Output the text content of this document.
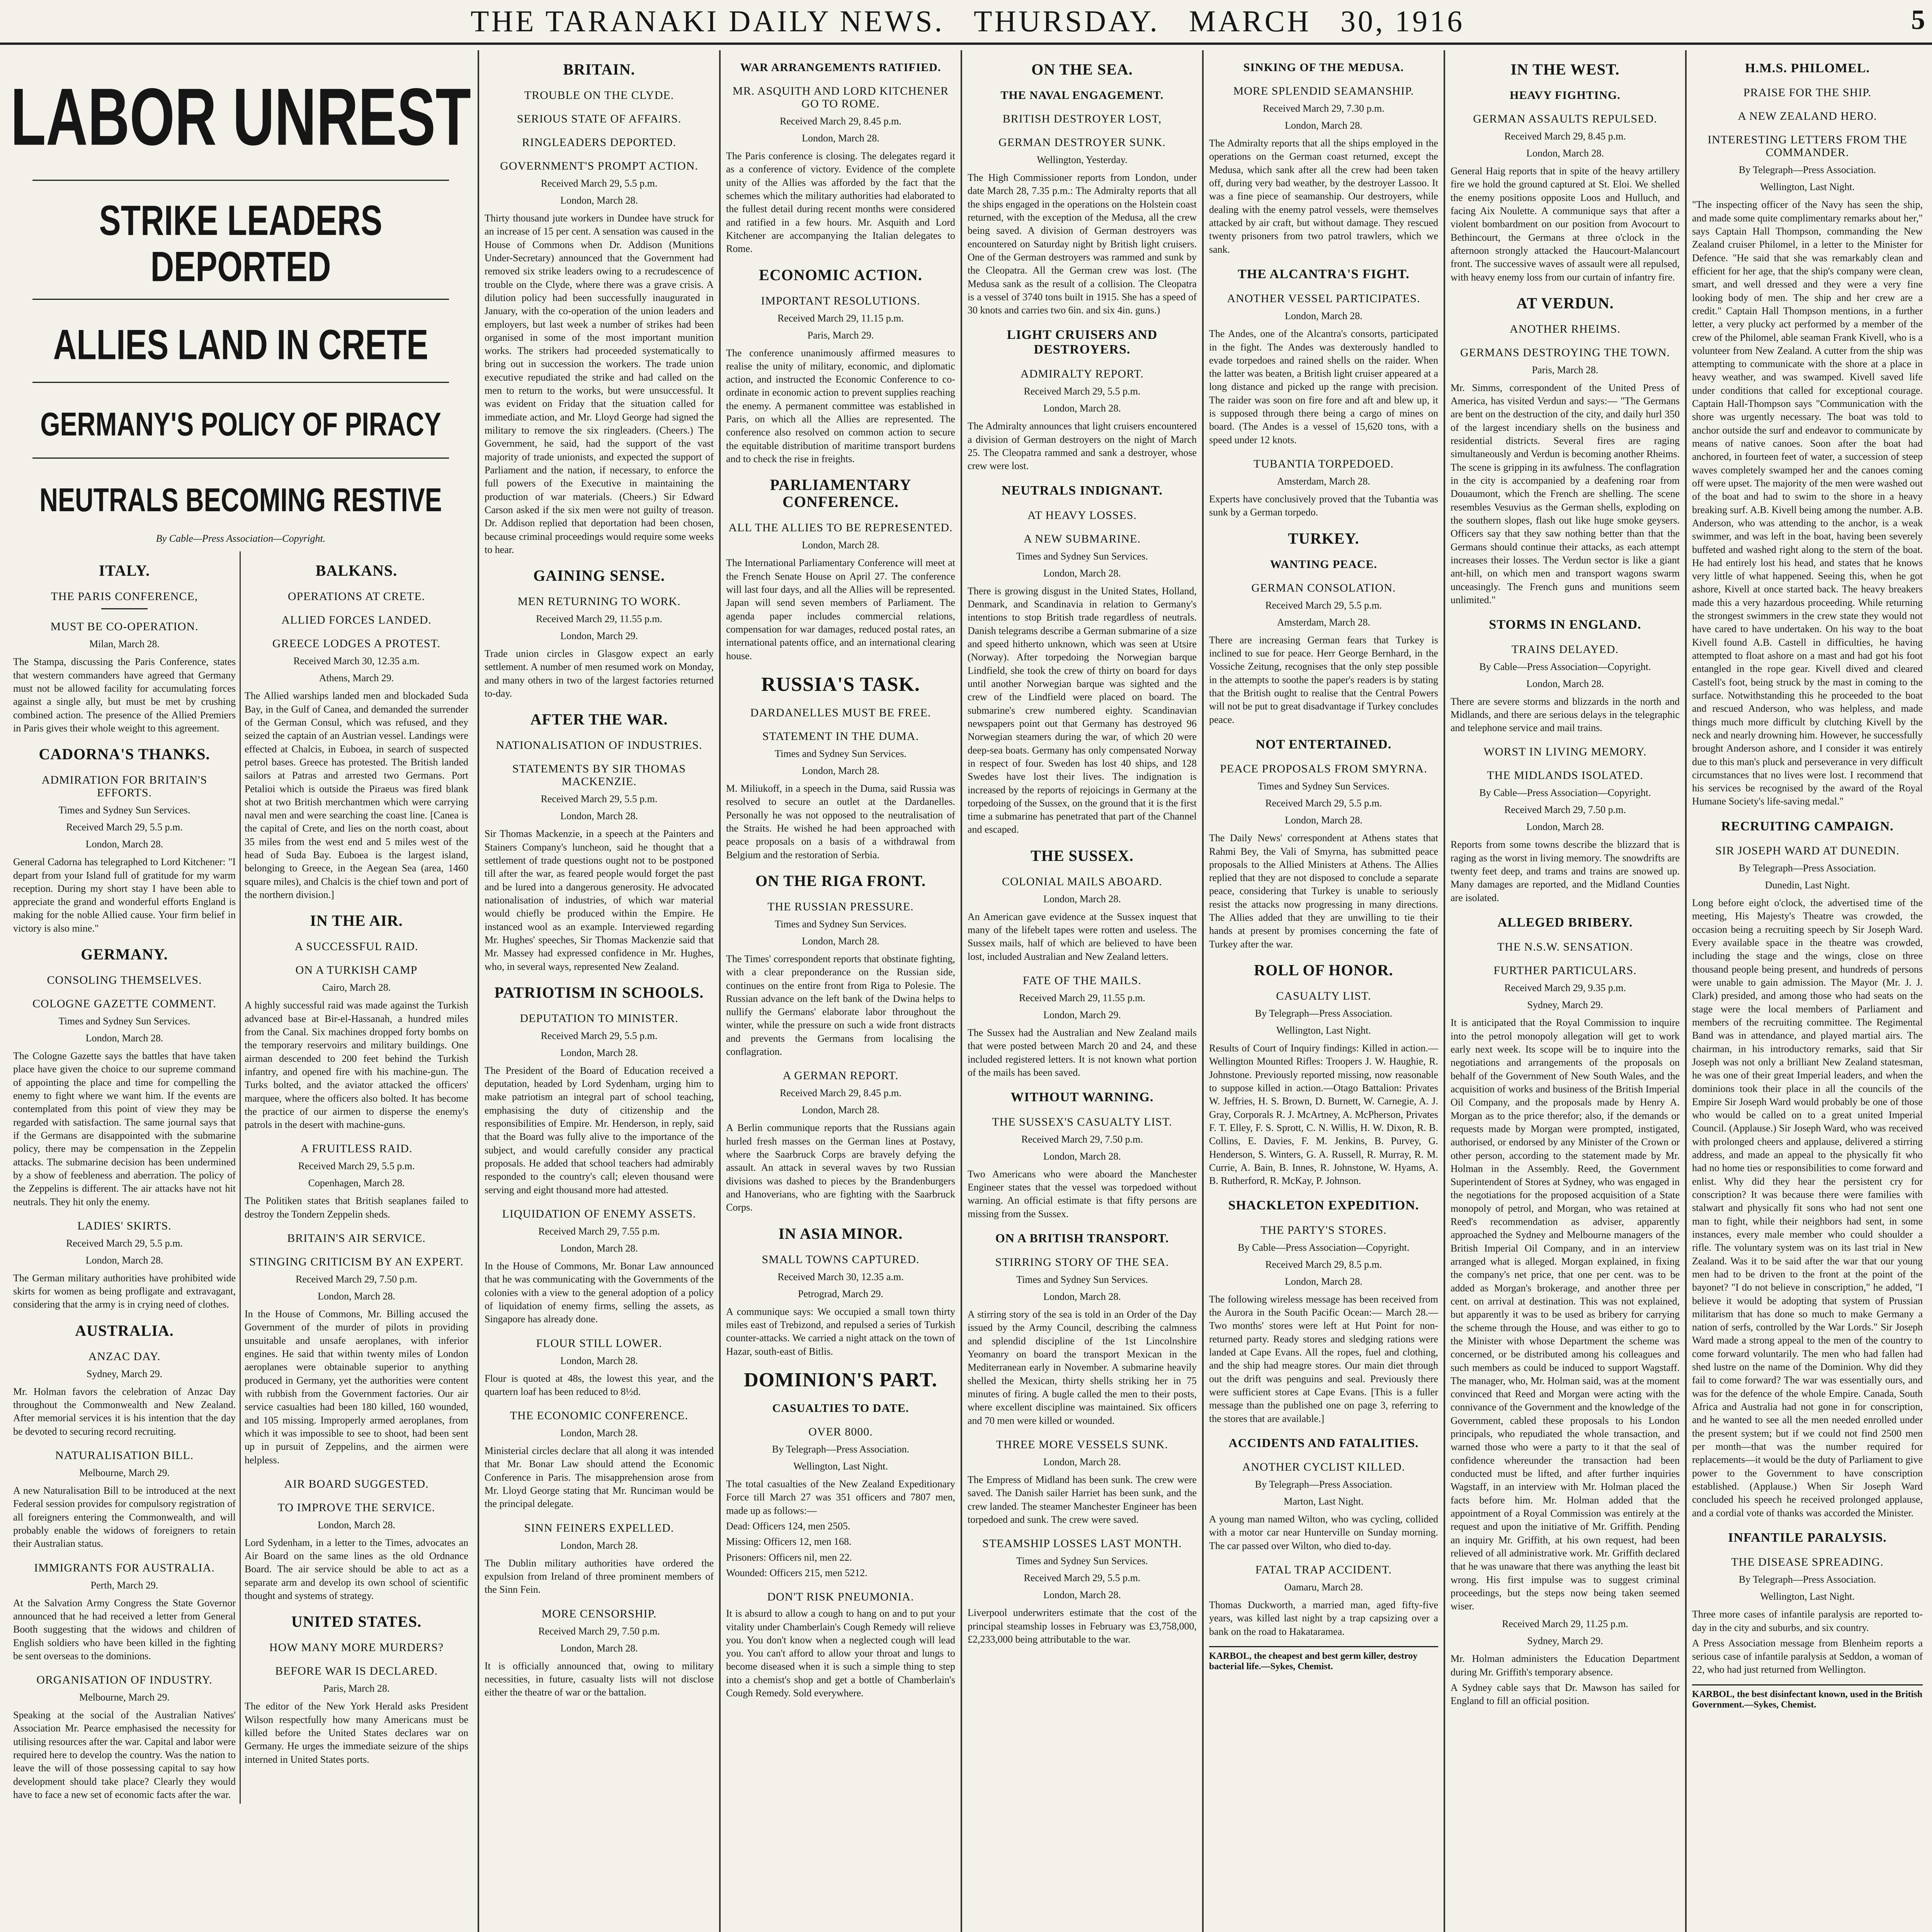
THE TARANAKI DAILY NEWS. THURSDAY. MARCH 30, 1916	5
LABOR UNREST
STRIKE LEADERS DEPORTED
ALLIES LAND IN CRETE
GERMANY'S POLICY OF PIRACY
NEUTRALS BECOMING RESTIVE
By Cable—Press Association—Copyright.
ITALY.
THE PARIS CONFERENCE,
MUST BE CO-OPERATION.
Milan, March 28.

The Stampa, discussing the Paris Conference, states that western commanders have agreed that Germany must not be allowed facility for accumulating forces against a single ally, but must be met by crushing combined action. The presence of the Allied Premiers in Paris gives their whole weight to this agreement.

CADORNA'S THANKS.
ADMIRATION FOR BRITAIN'S EFFORTS.
Times and Sydney Sun Services.
Received March 29, 5.5 p.m.
London, March 28.

General Cadorna has telegraphed to Lord Kitchener: "I depart from your Island full of gratitude for my warm reception. During my short stay I have been able to appreciate the grand and wonderful efforts England is making for the noble Allied cause. Your firm belief in victory is also mine."

GERMANY.
CONSOLING THEMSELVES.
COLOGNE GAZETTE COMMENT.
Times and Sydney Sun Services.
London, March 28.

The Cologne Gazette says the battles that have taken place have given the choice to our supreme command of appointing the place and time for compelling the enemy to fight where we want him. If the events are contemplated from this point of view they may be regarded with satisfaction. The same journal says that if the Germans are disappointed with the submarine policy, there may be compensation in the Zeppelin attacks. The submarine decision has been undermined by a show of feebleness and aberration. The policy of the Zeppelins is different. The air attacks have not hit neutrals. They hit only the enemy.

LADIES' SKIRTS.
Received March 29, 5.5 p.m.
London, March 28.

The German military authorities have prohibited wide skirts for women as being profligate and extravagant, considering that the army is in crying need of clothes.

AUSTRALIA.
ANZAC DAY.
Sydney, March 29.

Mr. Holman favors the celebration of Anzac Day throughout the Commonwealth and New Zealand. After memorial services it is his intention that the day be devoted to securing record recruiting.

NATURALISATION BILL.
Melbourne, March 29.

A new Naturalisation Bill to be introduced at the next Federal session provides for compulsory registration of all foreigners entering the Commonwealth, and will probably enable the widows of foreigners to retain their Australian status.

IMMIGRANTS FOR AUSTRALIA.
Perth, March 29.

At the Salvation Army Congress the State Governor announced that he had received a letter from General Booth suggesting that the widows and children of English soldiers who have been killed in the fighting be sent overseas to the dominions.

ORGANISATION OF INDUSTRY.
Melbourne, March 29.

Speaking at the social of the Australian Natives' Association Mr. Pearce emphasised the necessity for utilising resources after the war. Capital and labor were required here to develop the country. Was the nation to leave the will of those possessing capital to say how development should take place? Clearly they would have to face a new set of economic facts after the war.

BALKANS.
OPERATIONS AT CRETE.
ALLIED FORCES LANDED.
GREECE LODGES A PROTEST.
Received March 30, 12.35 a.m.
Athens, March 29.

The Allied warships landed men and blockaded Suda Bay, in the Gulf of Canea, and demanded the surrender of the German Consul, which was refused, and they seized the captain of an Austrian vessel. Landings were effected at Chalcis, in Euboea, in search of suspected petrol bases. Greece has protested. The British landed sailors at Patras and arrested two Germans. Port Petalioi which is outside the Piraeus was fired blank shot at two British merchantmen which were carrying naval men and were searching the coast line. [Canea is the capital of Crete, and lies on the north coast, about 35 miles from the west end and 5 miles west of the head of Suda Bay. Euboea is the largest island, belonging to Greece, in the Aegean Sea (area, 1460 square miles), and Chalcis is the chief town and port of the northern division.]

IN THE AIR.
A SUCCESSFUL RAID.
ON A TURKISH CAMP
Cairo, March 28.

A highly successful raid was made against the Turkish advanced base at Bir-el-Hassanah, a hundred miles from the Canal. Six machines dropped forty bombs on the temporary reservoirs and military buildings. One airman descended to 200 feet behind the Turkish infantry, and opened fire with his machine-gun. The Turks bolted, and the aviator attacked the officers' marquee, where the officers also bolted. It has become the practice of our airmen to disperse the enemy's patrols in the desert with machine-guns.

A FRUITLESS RAID.
Received March 29, 5.5 p.m.
Copenhagen, March 28.

The Politiken states that British seaplanes failed to destroy the Tondern Zeppelin sheds.

BRITAIN'S AIR SERVICE.
STINGING CRITICISM BY AN EXPERT.
Received March 29, 7.50 p.m.
London, March 28.

In the House of Commons, Mr. Billing accused the Government of the murder of pilots in providing unsuitable and unsafe aeroplanes, with inferior engines. He said that within twenty miles of London aeroplanes were obtainable superior to anything produced in Germany, yet the authorities were content with rubbish from the Government factories. Our air service casualties had been 180 killed, 160 wounded, and 105 missing. Improperly armed aeroplanes, from which it was impossible to see to shoot, had been sent up in pursuit of Zeppelins, and the airmen were helpless.

AIR BOARD SUGGESTED.
TO IMPROVE THE SERVICE.
London, March 28.

Lord Sydenham, in a letter to the Times, advocates an Air Board on the same lines as the old Ordnance Board. The air service should be able to act as a separate arm and develop its own school of scientific thought and systems of strategy.

UNITED STATES.
HOW MANY MORE MURDERS?
BEFORE WAR IS DECLARED.
Paris, March 28.

The editor of the New York Herald asks President Wilson respectfully how many Americans must be killed before the United States declares war on Germany. He urges the immediate seizure of the ships interned in United States ports.

BRITAIN.
TROUBLE ON THE CLYDE.
SERIOUS STATE OF AFFAIRS.
RINGLEADERS DEPORTED.
GOVERNMENT'S PROMPT ACTION.
Received March 29, 5.5 p.m.
London, March 28.

Thirty thousand jute workers in Dundee have struck for an increase of 15 per cent. A sensation was caused in the House of Commons when Dr. Addison (Munitions Under-Secretary) announced that the Government had removed six strike leaders owing to a recrudescence of trouble on the Clyde, where there was a grave crisis. A dilution policy had been successfully inaugurated in January, with the co-operation of the union leaders and employers, but last week a number of strikes had been organised in some of the most important munition works. The strikers had proceeded systematically to bring out in succession the workers. The trade union executive repudiated the strike and had called on the men to return to the works, but were unsuccessful. It was evident on Friday that the situation called for immediate action, and Mr. Lloyd George had signed the military to remove the six ringleaders. (Cheers.) The Government, he said, had the support of the vast majority of trade unionists, and expected the support of Parliament and the nation, if necessary, to enforce the full powers of the Executive in maintaining the production of war materials. (Cheers.) Sir Edward Carson asked if the six men were not guilty of treason. Dr. Addison replied that deportation had been chosen, because criminal proceedings would require some weeks to hear.

GAINING SENSE.
MEN RETURNING TO WORK.
Received March 29, 11.55 p.m.
London, March 29.

Trade union circles in Glasgow expect an early settlement. A number of men resumed work on Monday, and many others in two of the largest factories returned to-day.

AFTER THE WAR.
NATIONALISATION OF INDUSTRIES.
STATEMENTS BY SIR THOMAS MACKENZIE.
Received March 29, 5.5 p.m.
London, March 28.

Sir Thomas Mackenzie, in a speech at the Painters and Stainers Company's luncheon, said he thought that a settlement of trade questions ought not to be postponed till after the war, as feared people would forget the past and be lured into a dangerous generosity. He advocated nationalisation of industries, of which war material would chiefly be produced within the Empire. He instanced wool as an example. Interviewed regarding Mr. Hughes' speeches, Sir Thomas Mackenzie said that Mr. Massey had expressed confidence in Mr. Hughes, who, in several ways, represented New Zealand.

PATRIOTISM IN SCHOOLS.
DEPUTATION TO MINISTER.
Received March 29, 5.5 p.m.
London, March 28.

The President of the Board of Education received a deputation, headed by Lord Sydenham, urging him to make patriotism an integral part of school teaching, emphasising the duty of citizenship and the responsibilities of Empire. Mr. Henderson, in reply, said that the Board was fully alive to the importance of the subject, and would carefully consider any practical proposals. He added that school teachers had admirably responded to the country's call; eleven thousand were serving and eight thousand more had attested.

LIQUIDATION OF ENEMY ASSETS.
Received March 29, 7.55 p.m.
London, March 28.

In the House of Commons, Mr. Bonar Law announced that he was communicating with the Governments of the colonies with a view to the general adoption of a policy of liquidation of enemy firms, selling the assets, as Singapore has already done.

FLOUR STILL LOWER.
London, March 28.

Flour is quoted at 48s, the lowest this year, and the quartern loaf has been reduced to 8½d.

THE ECONOMIC CONFERENCE.
London, March 28.

Ministerial circles declare that all along it was intended that Mr. Bonar Law should attend the Economic Conference in Paris. The misapprehension arose from Mr. Lloyd George stating that Mr. Runciman would be the principal delegate.

SINN FEINERS EXPELLED.
London, March 28.

The Dublin military authorities have ordered the expulsion from Ireland of three prominent members of the Sinn Fein.

MORE CENSORSHIP.
Received March 29, 7.50 p.m.
London, March 28.

It is officially announced that, owing to military necessities, in future, casualty lists will not disclose either the theatre of war or the battalion.

WAR ARRANGEMENTS RATIFIED.
MR. ASQUITH AND LORD KITCHENER GO TO ROME.
Received March 29, 8.45 p.m.
London, March 28.

The Paris conference is closing. The delegates regard it as a conference of victory. Evidence of the complete unity of the Allies was afforded by the fact that the schemes which the military authorities had elaborated to the fullest detail during recent months were considered and ratified in a few hours. Mr. Asquith and Lord Kitchener are accompanying the Italian delegates to Rome.

ECONOMIC ACTION.
IMPORTANT RESOLUTIONS.
Received March 29, 11.15 p.m.
Paris, March 29.

The conference unanimously affirmed measures to realise the unity of military, economic, and diplomatic action, and instructed the Economic Conference to co-ordinate in economic action to prevent supplies reaching the enemy. A permanent committee was established in Paris, on which all the Allies are represented. The conference also resolved on common action to secure the equitable distribution of maritime transport burdens and to check the rise in freights.

PARLIAMENTARY CONFERENCE.
ALL THE ALLIES TO BE REPRESENTED.
London, March 28.

The International Parliamentary Conference will meet at the French Senate House on April 27. The conference will last four days, and all the Allies will be represented. Japan will send seven members of Parliament. The agenda paper includes commercial relations, compensation for war damages, reduced postal rates, an international patents office, and an international clearing house.

RUSSIA'S TASK.
DARDANELLES MUST BE FREE.
STATEMENT IN THE DUMA.
Times and Sydney Sun Services.
London, March 28.

M. Miliukoff, in a speech in the Duma, said Russia was resolved to secure an outlet at the Dardanelles. Personally he was not opposed to the neutralisation of the Straits. He wished he had been approached with peace proposals on a basis of a withdrawal from Belgium and the restoration of Serbia.

ON THE RIGA FRONT.
THE RUSSIAN PRESSURE.
Times and Sydney Sun Services.
London, March 28.

The Times' correspondent reports that obstinate fighting, with a clear preponderance on the Russian side, continues on the entire front from Riga to Polesie. The Russian advance on the left bank of the Dwina helps to nullify the Germans' elaborate labor throughout the winter, while the pressure on such a wide front distracts and prevents the Germans from localising the conflagration.

A GERMAN REPORT.
Received March 29, 8.45 p.m.
London, March 28.

A Berlin communique reports that the Russians again hurled fresh masses on the German lines at Postavy, where the Saarbruck Corps are bravely defying the assault. An attack in several waves by two Russian divisions was dashed to pieces by the Brandenburgers and Hanoverians, who are fighting with the Saarbruck Corps.

IN ASIA MINOR.
SMALL TOWNS CAPTURED.
Received March 30, 12.35 a.m.
Petrograd, March 29.

A communique says: We occupied a small town thirty miles east of Trebizond, and repulsed a series of Turkish counter-attacks. We carried a night attack on the town of Hazar, south-east of Bitlis.

DOMINION'S PART.
CASUALTIES TO DATE.
OVER 8000.
By Telegraph—Press Association.
Wellington, Last Night.

The total casualties of the New Zealand Expeditionary Force till March 27 was 351 officers and 7807 men, made up as follows:—

Dead: Officers 124, men 2505.

Missing: Officers 12, men 168.

Prisoners: Officers nil, men 22.

Wounded: Officers 215, men 5212.

DON'T RISK PNEUMONIA.

It is absurd to allow a cough to hang on and to put your vitality under Chamberlain's Cough Remedy will relieve you. You don't know when a neglected cough will lead you. You can't afford to allow your throat and lungs to become diseased when it is such a simple thing to step into a chemist's shop and get a bottle of Chamberlain's Cough Remedy. Sold everywhere.

ON THE SEA.
THE NAVAL ENGAGEMENT.
BRITISH DESTROYER LOST,
GERMAN DESTROYER SUNK.
Wellington, Yesterday.

The High Commissioner reports from London, under date March 28, 7.35 p.m.: The Admiralty reports that all the ships engaged in the operations on the Holstein coast returned, with the exception of the Medusa, all the crew being saved. A division of German destroyers was encountered on Saturday night by British light cruisers. One of the German destroyers was rammed and sunk by the Cleopatra. All the German crew was lost. (The Medusa sank as the result of a collision. The Cleopatra is a vessel of 3740 tons built in 1915. She has a speed of 30 knots and carries two 6in. and six 4in. guns.)

LIGHT CRUISERS AND DESTROYERS.
ADMIRALTY REPORT.
Received March 29, 5.5 p.m.
London, March 28.

The Admiralty announces that light cruisers encountered a division of German destroyers on the night of March 25. The Cleopatra rammed and sank a destroyer, whose crew were lost.

NEUTRALS INDIGNANT.
AT HEAVY LOSSES.
A NEW SUBMARINE.
Times and Sydney Sun Services.
London, March 28.

There is growing disgust in the United States, Holland, Denmark, and Scandinavia in relation to Germany's intentions to stop British trade regardless of neutrals. Danish telegrams describe a German submarine of a size and speed hitherto unknown, which was seen at Utsire (Norway). After torpedoing the Norwegian barque Lindfield, she took the crew of thirty on board for days until another Norwegian barque was sighted and the crew of the Lindfield were placed on board. The submarine's crew numbered eighty. Scandinavian newspapers point out that Germany has destroyed 96 Norwegian steamers during the war, of which 20 were deep-sea boats. Germany has only compensated Norway in respect of four. Sweden has lost 40 ships, and 128 Swedes have lost their lives. The indignation is increased by the reports of rejoicings in Germany at the torpedoing of the Sussex, on the ground that it is the first time a submarine has penetrated that part of the Channel and escaped.

THE SUSSEX.
COLONIAL MAILS ABOARD.
London, March 28.

An American gave evidence at the Sussex inquest that many of the lifebelt tapes were rotten and useless. The Sussex mails, half of which are believed to have been lost, included Australian and New Zealand letters.

FATE OF THE MAILS.
Received March 29, 11.55 p.m.
London, March 29.

The Sussex had the Australian and New Zealand mails that were posted between March 20 and 24, and these included registered letters. It is not known what portion of the mails has been saved.

WITHOUT WARNING.
THE SUSSEX'S CASUALTY LIST.
Received March 29, 7.50 p.m.
London, March 28.

Two Americans who were aboard the Manchester Engineer states that the vessel was torpedoed without warning. An official estimate is that fifty persons are missing from the Sussex.

ON A BRITISH TRANSPORT.
STIRRING STORY OF THE SEA.
Times and Sydney Sun Services.
London, March 28.

A stirring story of the sea is told in an Order of the Day issued by the Army Council, describing the calmness and splendid discipline of the 1st Lincolnshire Yeomanry on board the transport Mexican in the Mediterranean early in November. A submarine heavily shelled the Mexican, thirty shells striking her in 75 minutes of firing. A bugle called the men to their posts, where excellent discipline was maintained. Six officers and 70 men were killed or wounded.

THREE MORE VESSELS SUNK.
London, March 28.

The Empress of Midland has been sunk. The crew were saved. The Danish sailer Harriet has been sunk, and the crew landed. The steamer Manchester Engineer has been torpedoed and sunk. The crew were saved.

STEAMSHIP LOSSES LAST MONTH.
Times and Sydney Sun Services.
Received March 29, 5.5 p.m.
London, March 28.

Liverpool underwriters estimate that the cost of the principal steamship losses in February was £3,758,000, £2,233,000 being attributable to the war.

SINKING OF THE MEDUSA.
MORE SPLENDID SEAMANSHIP.
Received March 29, 7.30 p.m.
London, March 28.

The Admiralty reports that all the ships employed in the operations on the German coast returned, except the Medusa, which sank after all the crew had been taken off, during very bad weather, by the destroyer Lassoo. It was a fine piece of seamanship. Our destroyers, while dealing with the enemy patrol vessels, were themselves attacked by air craft, but without damage. They rescued twenty prisoners from two patrol trawlers, which we sank.

THE ALCANTRA'S FIGHT.
ANOTHER VESSEL PARTICIPATES.
London, March 28.

The Andes, one of the Alcantra's consorts, participated in the fight. The Andes was dexterously handled to evade torpedoes and rained shells on the raider. When the latter was beaten, a British light cruiser appeared at a long distance and picked up the range with precision. The raider was soon on fire fore and aft and blew up, it is supposed through there being a cargo of mines on board. (The Andes is a vessel of 15,620 tons, with a speed under 12 knots.

TUBANTIA TORPEDOED.
Amsterdam, March 28.

Experts have conclusively proved that the Tubantia was sunk by a German torpedo.

TURKEY.
WANTING PEACE.
GERMAN CONSOLATION.
Received March 29, 5.5 p.m.
Amsterdam, March 28.

There are increasing German fears that Turkey is inclined to sue for peace. Herr George Bernhard, in the Vossiche Zeitung, recognises that the only step possible in the attempts to soothe the paper's readers is by stating that the British ought to realise that the Central Powers will not be put to great disadvantage if Turkey concludes peace.

NOT ENTERTAINED.
PEACE PROPOSALS FROM SMYRNA.
Times and Sydney Sun Services.
Received March 29, 5.5 p.m.
London, March 28.

The Daily News' correspondent at Athens states that Rahmi Bey, the Vali of Smyrna, has submitted peace proposals to the Allied Ministers at Athens. The Allies replied that they are not disposed to conclude a separate peace, considering that Turkey is unable to seriously resist the attacks now progressing in many directions. The Allies added that they are unwilling to tie their hands at present by promises concerning the fate of Turkey after the war.

ROLL OF HONOR.
CASUALTY LIST.
By Telegraph—Press Association.
Wellington, Last Night.

Results of Court of Inquiry findings: Killed in action.—Wellington Mounted Rifles: Troopers J. W. Haughie, R. Johnstone. Previously reported missing, now reasonable to suppose killed in action.—Otago Battalion: Privates W. Jeffries, H. S. Brown, D. Burnett, W. Carnegie, A. J. Gray, Corporals R. J. McArtney, A. McPherson, Privates F. T. Elley, F. S. Sprott, C. N. Willis, H. W. Dixon, R. B. Collins, E. Davies, F. M. Jenkins, B. Purvey, G. Henderson, S. Winters, G. A. Russell, R. Murray, R. M. Currie, A. Bain, B. Innes, R. Johnstone, W. Hyams, A. B. Rutherford, R. McKay, P. Johnson.

SHACKLETON EXPEDITION.
THE PARTY'S STORES.
By Cable—Press Association—Copyright.
Received March 29, 8.5 p.m.
London, March 28.

The following wireless message has been received from the Aurora in the South Pacific Ocean:— March 28.—Two months' stores were left at Hut Point for non-returned party. Ready stores and sledging rations were landed at Cape Evans. All the ropes, fuel and clothing, and the ship had meagre stores. Our main diet through out the drift was penguins and seal. Previously there were sufficient stores at Cape Evans. [This is a fuller message than the published one on page 3, referring to the stores that are available.]

ACCIDENTS AND FATALITIES.
ANOTHER CYCLIST KILLED.
By Telegraph—Press Association.
Marton, Last Night.

A young man named Wilton, who was cycling, collided with a motor car near Hunterville on Sunday morning. The car passed over Wilton, who died to-day.

FATAL TRAP ACCIDENT.
Oamaru, March 28.

Thomas Duckworth, a married man, aged fifty-five years, was killed last night by a trap capsizing over a bank on the road to Hakataramea.

KARBOL, the cheapest and best germ killer, destroy bacterial life.—Sykes, Chemist.
IN THE WEST.
HEAVY FIGHTING.
GERMAN ASSAULTS REPULSED.
Received March 29, 8.45 p.m.
London, March 28.

General Haig reports that in spite of the heavy artillery fire we hold the ground captured at St. Eloi. We shelled the enemy positions opposite Loos and Hulluch, and facing Aix Noulette. A communique says that after a violent bombardment on our position from Avocourt to Bethincourt, the Germans at three o'clock in the afternoon strongly attacked the Haucourt-Malancourt front. The successive waves of assault were all repulsed, with heavy enemy loss from our curtain of infantry fire.

AT VERDUN.
ANOTHER RHEIMS.
GERMANS DESTROYING THE TOWN.
Paris, March 28.

Mr. Simms, correspondent of the United Press of America, has visited Verdun and says:— "The Germans are bent on the destruction of the city, and daily hurl 350 of the largest incendiary shells on the business and residential districts. Several fires are raging simultaneously and Verdun is becoming another Rheims. The scene is gripping in its awfulness. The conflagration in the city is accompanied by a deafening roar from Douaumont, which the French are shelling. The scene resembles Vesuvius as the German shells, exploding on the southern slopes, flash out like huge smoke geysers. Officers say that they saw nothing better than that the Germans should continue their attacks, as each attempt increases their losses. The Verdun sector is like a giant ant-hill, on which men and transport wagons swarm unceasingly. The French guns and munitions seem unlimited."

STORMS IN ENGLAND.
TRAINS DELAYED.
By Cable—Press Association—Copyright.
London, March 28.

There are severe storms and blizzards in the north and Midlands, and there are serious delays in the telegraphic and telephone service and mail trains.

WORST IN LIVING MEMORY.
THE MIDLANDS ISOLATED.
By Cable—Press Association—Copyright.
Received March 29, 7.50 p.m.
London, March 28.

Reports from some towns describe the blizzard that is raging as the worst in living memory. The snowdrifts are twenty feet deep, and trams and trains are snowed up. Many damages are reported, and the Midland Counties are isolated.

ALLEGED BRIBERY.
THE N.S.W. SENSATION.
FURTHER PARTICULARS.
Received March 29, 9.35 p.m.
Sydney, March 29.

It is anticipated that the Royal Commission to inquire into the petrol monopoly allegation will get to work early next week. Its scope will be to inquire into the negotiations and arrangements of the proposals on behalf of the Government of New South Wales, and the acquisition of works and business of the British Imperial Oil Company, and the proposals made by Henry A. Morgan as to the price therefor; also, if the demands or requests made by Morgan were prompted, instigated, authorised, or endorsed by any Minister of the Crown or other person, according to the statement made by Mr. Holman in the Assembly. Reed, the Government Superintendent of Stores at Sydney, who was engaged in the negotiations for the proposed acquisition of a State monopoly of petrol, and Morgan, who was retained at Reed's recommendation as adviser, apparently approached the Sydney and Melbourne managers of the British Imperial Oil Company, and in an interview arranged what is alleged. Morgan explained, in fixing the company's net price, that one per cent. was to be added as Morgan's brokerage, and another three per cent. on arrival at destination. This was not explained, but apparently it was to be used as bribery for carrying the scheme through the House, and was either to go to the Minister with whose Department the scheme was concerned, or be distributed among his colleagues and such members as could be induced to support Wagstaff. The manager, who, Mr. Holman said, was at the moment convinced that Reed and Morgan were acting with the connivance of the Government and the knowledge of the Government, cabled these proposals to his London principals, who repudiated the whole transaction, and warned those who were a party to it that the seal of confidence whereunder the transaction had been conducted must be lifted, and after further inquiries Wagstaff, in an interview with Mr. Holman placed the facts before him. Mr. Holman added that the appointment of a Royal Commission was entirely at the request and upon the initiative of Mr. Griffith. Pending an inquiry Mr. Griffith, at his own request, had been relieved of all administrative work. Mr. Griffith declared that he was unaware that there was anything the least bit wrong. His first impulse was to suggest criminal proceedings, but the steps now being taken seemed wiser.

Received March 29, 11.25 p.m.
Sydney, March 29.

Mr. Holman administers the Education Department during Mr. Griffith's temporary absence.

A Sydney cable says that Dr. Mawson has sailed for England to fill an official position.

H.M.S. PHILOMEL.
PRAISE FOR THE SHIP.
A NEW ZEALAND HERO.
INTERESTING LETTERS FROM THE COMMANDER.
By Telegraph—Press Association.
Wellington, Last Night.

"The inspecting officer of the Navy has seen the ship, and made some quite complimentary remarks about her," says Captain Hall Thompson, commanding the New Zealand cruiser Philomel, in a letter to the Minister for Defence. "He said that she was remarkably clean and efficient for her age, that the ship's company were clean, smart, and well dressed and they were a very fine looking body of men. The ship and her crew are a credit." Captain Hall Thompson mentions, in a further letter, a very plucky act performed by a member of the crew of the Philomel, able seaman Frank Kivell, who is a volunteer from New Zealand. A cutter from the ship was attempting to communicate with the shore at a place in heavy weather, and was swamped. Kivell saved life under conditions that called for exceptional courage. Captain Hall-Thompson says "Communication with the shore was urgently necessary. The boat was told to anchor outside the surf and endeavor to communicate by means of native canoes. Soon after the boat had anchored, in fourteen feet of water, a succession of steep waves completely swamped her and the canoes coming off were upset. The majority of the men were washed out of the boat and had to swim to the shore in a heavy breaking surf. A.B. Kivell being among the number. A.B. Anderson, who was attending to the anchor, is a weak swimmer, and was left in the boat, having been severely buffeted and washed right along to the stern of the boat. He had entirely lost his head, and states that he knows very little of what happened. Seeing this, when he got ashore, Kivell at once started back. The heavy breakers made this a very hazardous proceeding. While returning the strongest swimmers in the crew state they would not have cared to have undertaken. On his way to the boat Kivell found A.B. Castell in difficulties, he having attempted to float ashore on a mast and had got his foot entangled in the rope gear. Kivell dived and cleared Castell's foot, being struck by the mast in coming to the surface. Notwithstanding this he proceeded to the boat and rescued Anderson, who was helpless, and made things much more difficult by clutching Kivell by the neck and nearly drowning him. However, he successfully brought Anderson ashore, and I consider it was entirely due to this man's pluck and perseverance in very difficult circumstances that no lives were lost. I recommend that his services be recognised by the award of the Royal Humane Society's life-saving medal."

RECRUITING CAMPAIGN.
SIR JOSEPH WARD AT DUNEDIN.
By Telegraph—Press Association.
Dunedin, Last Night.

Long before eight o'clock, the advertised time of the meeting, His Majesty's Theatre was crowded, the occasion being a recruiting speech by Sir Joseph Ward. Every available space in the theatre was crowded, including the stage and the wings, close on three thousand people being present, and hundreds of persons were unable to gain admission. The Mayor (Mr. J. J. Clark) presided, and among those who had seats on the stage were the local members of Parliament and members of the recruiting committee. The Regimental Band was in attendance, and played martial airs. The chairman, in his introductory remarks, said that Sir Joseph was not only a brilliant New Zealand statesman, he was one of their great Imperial leaders, and when the dominions took their place in all the councils of the Empire Sir Joseph Ward would probably be one of those who would be called on to a great united Imperial Council. (Applause.) Sir Joseph Ward, who was received with prolonged cheers and applause, delivered a stirring address, and made an appeal to the physically fit who had no home ties or responsibilities to come forward and enlist. Why did they hear the persistent cry for conscription? It was because there were families with stalwart and physically fit sons who had not sent one man to fight, while their neighbors had sent, in some instances, every male member who could shoulder a rifle. The voluntary system was on its last trial in New Zealand. Was it to be said after the war that our young men had to be driven to the front at the point of the bayonet? "I do not believe in conscription," he added, "I believe it would be adopting that system of Prussian militarism that has done so much to make Germany a nation of serfs, controlled by the War Lords." Sir Joseph Ward made a strong appeal to the men of the country to come forward voluntarily. The men who had fallen had shed lustre on the name of the Dominion. Why did they fail to come forward? The war was essentially ours, and was for the defence of the whole Empire. Canada, South Africa and Australia had not gone in for conscription, and he wanted to see all the men needed enrolled under the present system; but if we could not find 2500 men per month—that was the number required for replacements—it would be the duty of Parliament to give power to the Government to have conscription established. (Applause.) When Sir Joseph Ward concluded his speech he received prolonged applause, and a cordial vote of thanks was accorded the Minister.

INFANTILE PARALYSIS.
THE DISEASE SPREADING.
By Telegraph—Press Association.
Wellington, Last Night.

Three more cases of infantile paralysis are reported to-day in the city and suburbs, and six country.

A Press Association message from Blenheim reports a serious case of infantile paralysis at Seddon, a woman of 22, who had just returned from Wellington.

KARBOL, the best disinfectant known, used in the British Government.—Sykes, Chemist.
